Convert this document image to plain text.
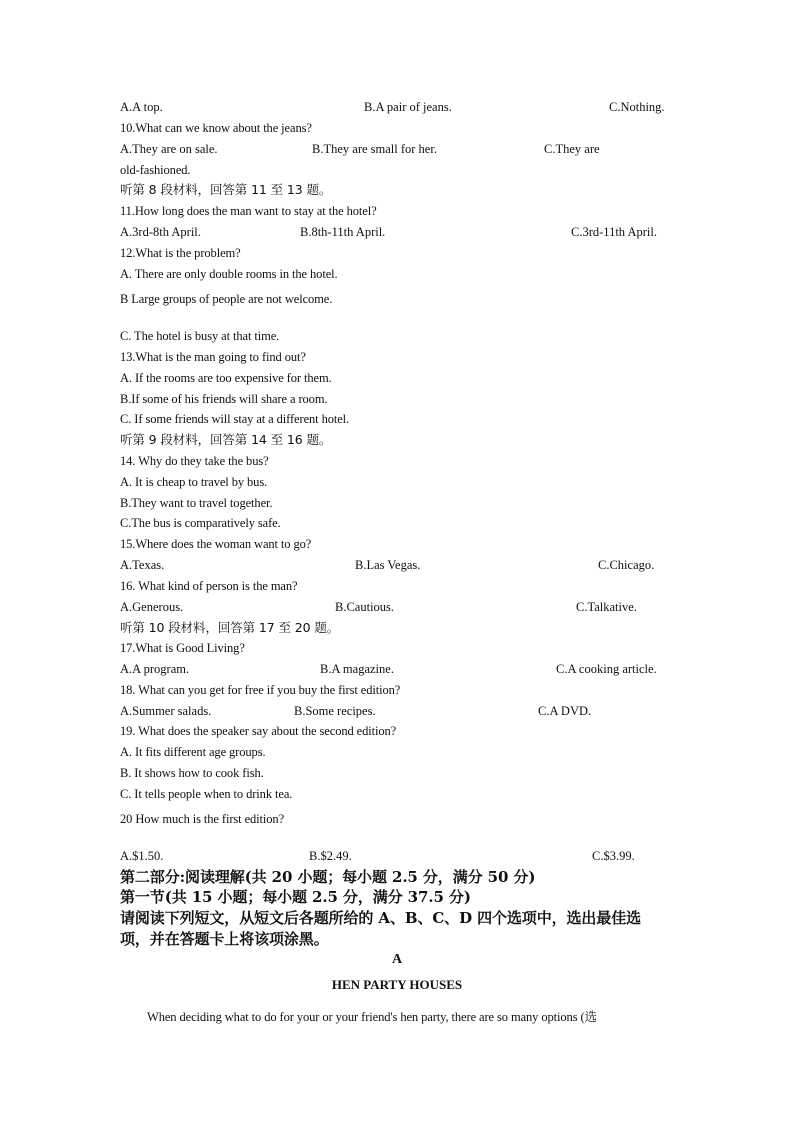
A.A top.	B.A pair of jeans.	C.Nothing.
10.What can we know about the jeans?
A.They are on sale.	B.They are small for her.	C.They are
old-fashioned.
听第 8 段材料，回答第 11 至 13 题。
11.How long does the man want to stay at the hotel?
A.3rd-8th April.	B.8th-11th April.	C.3rd-11th April.
12.What is the problem?
A. There are only double rooms in the hotel.
B Large groups of people are not welcome.
C. The hotel is busy at that time.
13.What is the man going to find out?
A. If the rooms are too expensive for them.
B.If some of his friends will share a room.
C. If some friends will stay at a different hotel.
听第 9 段材料，回答第 14 至 16 题。
14. Why do they take the bus?
A. It is cheap to travel by bus.
B.They want to travel together.
C.The bus is comparatively safe.
15.Where does the woman want to go?
A.Texas.	B.Las Vegas.	C.Chicago.
16. What kind of person is the man?
A.Generous.	B.Cautious.	C.Talkative.
听第 10 段材料，回答第 17 至 20 题。
17.What is Good Living?
A.A program.	B.A magazine.	C.A cooking article.
18. What can you get for free if you buy the first edition?
A.Summer salads.	B.Some recipes.	C.A DVD.
19. What does the speaker say about the second edition?
A. It fits different age groups.
B. It shows how to cook fish.
C. It tells people when to drink tea.
20 How much is the first edition?
A.$1.50.	B.$2.49.	C.$3.99.
第二部分:阅读理解(共 20 小题；每小题 2.5 分，满分 50 分)
第一节(共 15 小题；每小题 2.5 分，满分 37.5 分)
请阅读下列短文，从短文后各题所给的 A、B、C、D 四个选项中，选出最佳选
项，并在答题卡上将该项涂黑。
A
HEN PARTY HOUSES
When deciding what to do for your or your friend's hen party, there are so many options (选
